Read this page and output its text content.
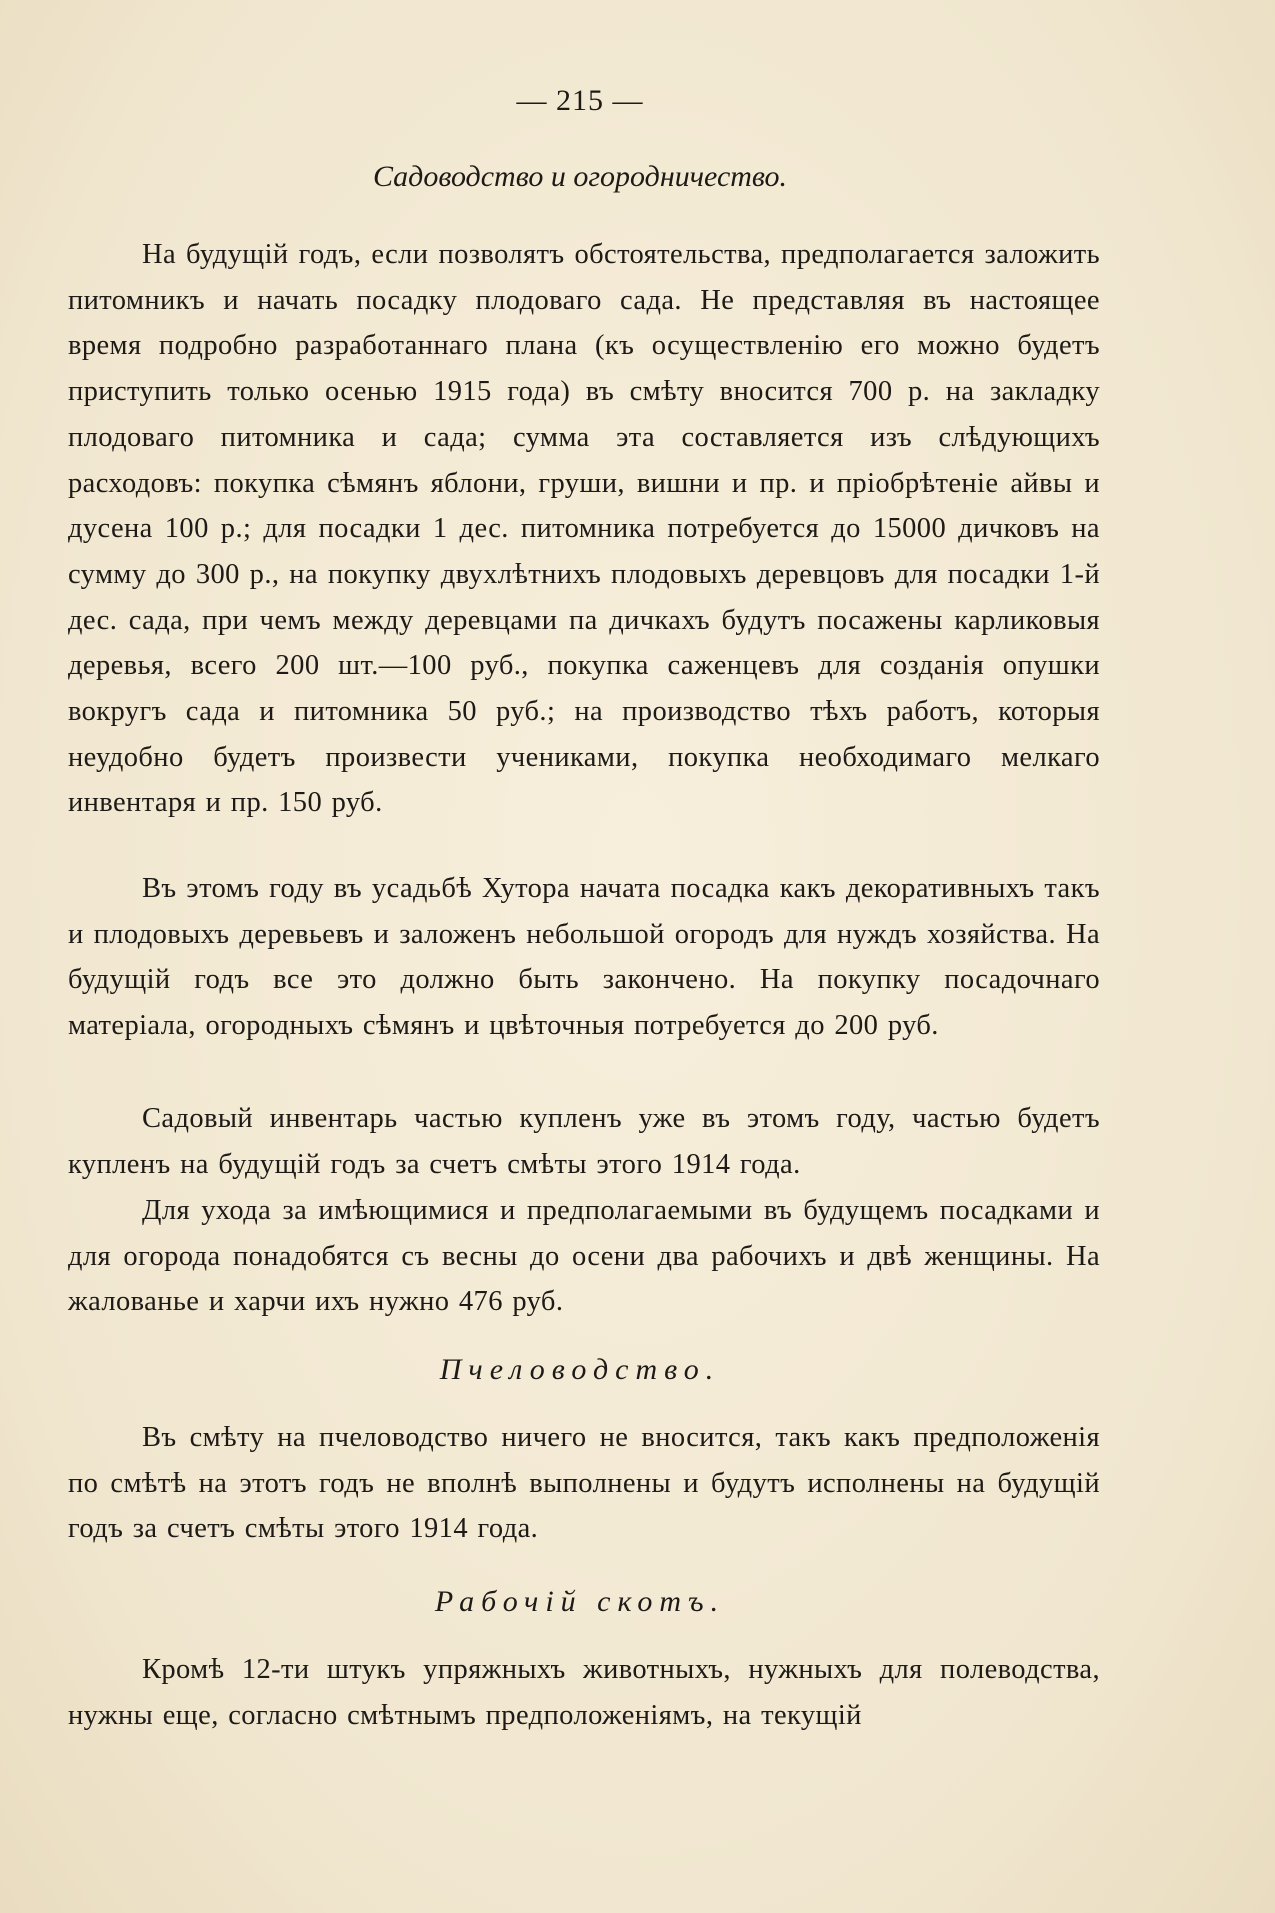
— 215 —
Садоводство и огородничество.

На будущій годъ, если позволятъ обстоятельства, предполагается заложить питомникъ и начать посадку плодоваго сада. Не представляя въ настоящее время подробно разработаннаго плана (къ осуществленію его можно будетъ приступить только осенью 1915 года) въ смѣту вносится 700 р. на закладку плодоваго питомника и сада; сумма эта составляется изъ слѣдующихъ расходовъ: покупка сѣмянъ яблони, груши, вишни и пр. и пріобрѣтеніе айвы и дусена 100 р.; для посадки 1 дес. питомника потребуется до 15000 дичковъ на сумму до 300 р., на покупку двухлѣтнихъ плодовыхъ деревцовъ для посадки 1-й дес. сада, при чемъ между деревцами па дичкахъ будутъ посажены карликовыя деревья, всего 200 шт.—100 руб., покупка саженцевъ для созданія опушки вокругъ сада и питомника 50 руб.; на производство тѣхъ работъ, которыя неудобно будетъ произвести учениками, покупка необходимаго мелкаго инвентаря и пр. 150 руб.

Въ этомъ году въ усадьбѣ Хутора начата посадка какъ декоративныхъ такъ и плодовыхъ деревьевъ и заложенъ небольшой огородъ для нуждъ хозяйства. На будущій годъ все это должно быть закончено. На покупку посадочнаго матеріала, огородныхъ сѣмянъ и цвѣточныя потребуется до 200 руб.

Садовый инвентарь частью купленъ уже въ этомъ году, частью будетъ купленъ на будущій годъ за счетъ смѣты этого 1914 года.

Для ухода за имѣющимися и предполагаемыми въ будущемъ посадками и для огорода понадобятся съ весны до осени два рабочихъ и двѣ женщины. На жалованье и харчи ихъ нужно 476 руб.

Пчеловодство.

Въ смѣту на пчеловодство ничего не вносится, такъ какъ предположенія по смѣтѣ на этотъ годъ не вполнѣ выполнены и будутъ исполнены на будущій годъ за счетъ смѣты этого 1914 года.

Рабочій скотъ.

Кромѣ 12-ти штукъ упряжныхъ животныхъ, нужныхъ для полеводства, нужны еще, согласно смѣтнымъ предположеніямъ, на текущій
